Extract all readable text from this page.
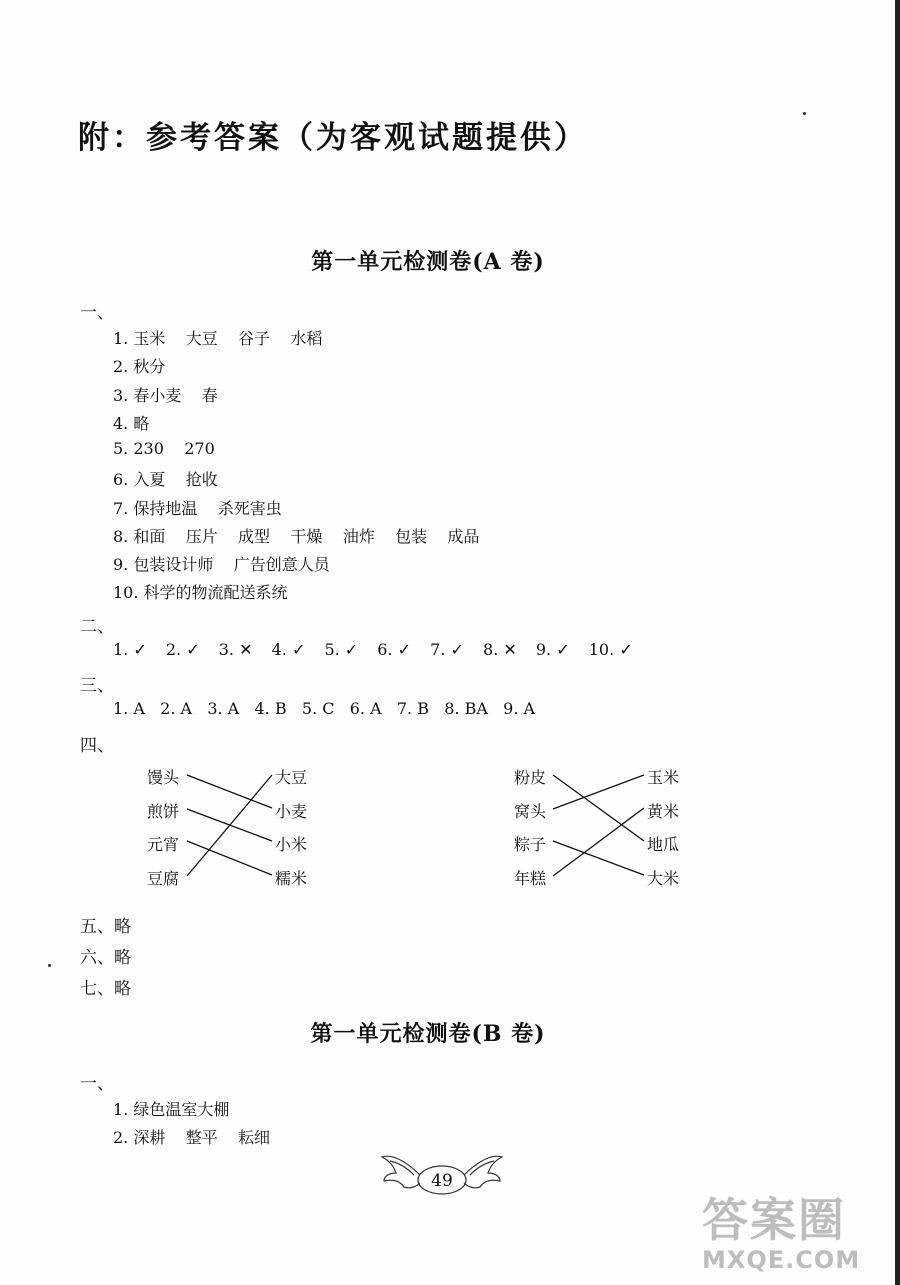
附：参考答案（为客观试题提供）
第一单元检测卷(A 卷)
一、
1. 玉米    大豆    谷子    水稻
2. 秋分
3. 春小麦    春
4. 略
5. 230    270
6. 入夏    抢收
7. 保持地温    杀死害虫
8. 和面    压片    成型    干燥    油炸    包装    成品
9. 包装设计师    广告创意人员
10. 科学的物流配送系统
二、
1. ✓ 2. ✓ 3. ✕ 4. ✓ 5. ✓ 6. ✓ 7. ✓ 8. ✕ 9. ✓ 10. ✓
三、
1. A   2. A   3. A   4. B   5. C   6. A   7. B   8. BA   9. A
四、
馒头
煎饼
元宵
豆腐
大豆
小麦
小米
糯米
粉皮
窝头
粽子
年糕
玉米
黄米
地瓜
大米
五、略
六、略
七、略
第一单元检测卷(B 卷)
一、
1. 绿色温室大棚
2. 深耕    整平    耘细
49
答案圈
MXQE.COM
